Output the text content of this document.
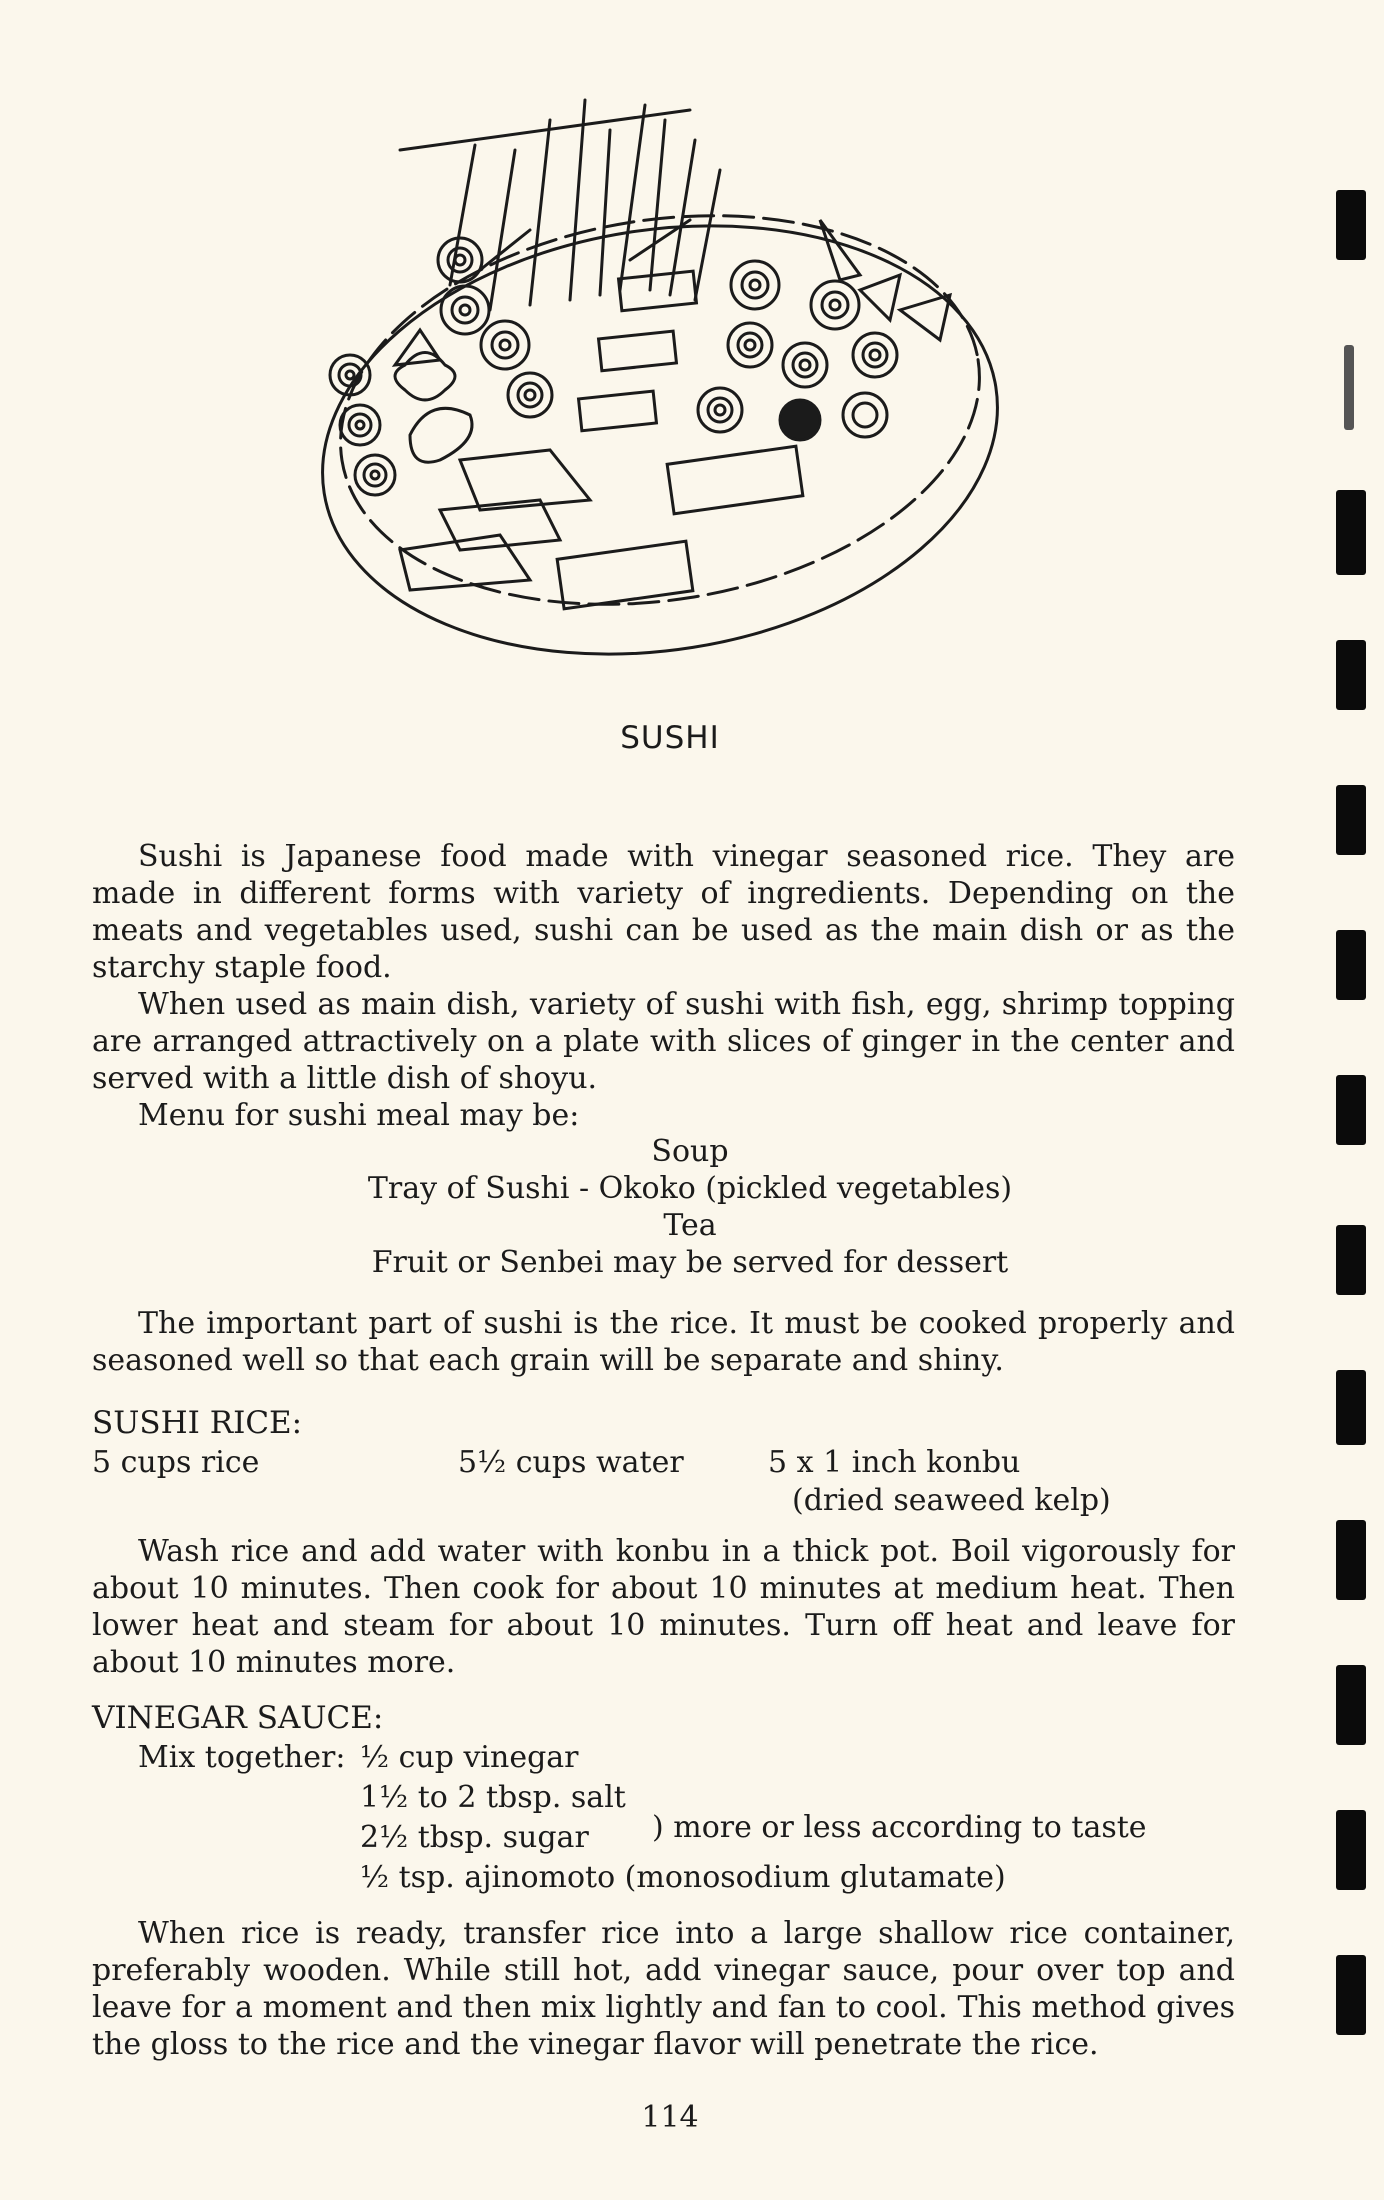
SUSHI

Sushi is Japanese food made with vinegar seasoned rice. They are made in different forms with variety of ingredients. Depending on the meats and vegetables used, sushi can be used as the main dish or as the starchy staple food.

When used as main dish, variety of sushi with fish, egg, shrimp topping are arranged attractively on a plate with slices of ginger in the center and served with a little dish of shoyu.

Menu for sushi meal may be:

Soup
Tray of Sushi - Okoko (pickled vegetables)
Tea
Fruit or Senbei may be served for dessert

The important part of sushi is the rice. It must be cooked properly and seasoned well so that each grain will be separate and shiny.

SUSHI RICE:
5 cups rice	5½ cups water	5 x 1 inch konbu
(dried seaweed kelp)

Wash rice and add water with konbu in a thick pot. Boil vigorously for about 10 minutes. Then cook for about 10 minutes at medium heat. Then lower heat and steam for about 10 minutes. Turn off heat and leave for about 10 minutes more.

VINEGAR SAUCE:
Mix together: ½ cup vinegar
1½ to 2 tbsp. salt
2½ tbsp. sugar ) more or less according to taste
½ tsp. ajinomoto (monosodium glutamate)

When rice is ready, transfer rice into a large shallow rice container, preferably wooden. While still hot, add vinegar sauce, pour over top and leave for a moment and then mix lightly and fan to cool. This method gives the gloss to the rice and the vinegar flavor will penetrate the rice.

114
